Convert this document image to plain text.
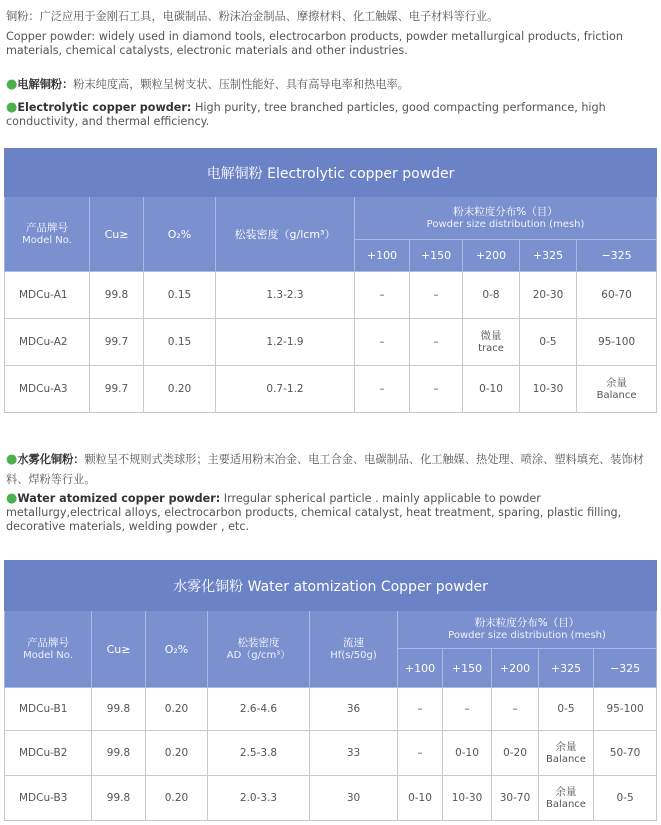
铜粉：广泛应用于金刚石工具，电碳制品、粉沫冶金制品、摩擦材料、化工触媒、电子材料等行业。
Copper powder: widely used in diamond tools, electrocarbon products, powder metallurgical products, friction materials, chemical catalysts, electronic materials and other industries.
●电解铜粉：粉末纯度高，颗粒呈树支状、压制性能好、具有高导电率和热电率。
●Electrolytic copper powder: High purity, tree branched particles, good compacting performance, high conductivity, and thermal efficiency.
电解铜粉 Electrolytic copper powder								

产品牌号
Model No.	Cu≥	O₂%	松装密度（g/lcm³）	粉末粒度分布%（目）
Powder size distribution (mesh)				

				+100	+150	+200	+325	−325
MDCu-A1	99.8	0.15	1.3-2.3	–	–	0-8	20-30	60-70
MDCu-A2	99.7	0.15	1.2-1.9	–	–	微量
trace	0-5	95-100
MDCu-A3	99.7	0.20	0.7-1.2	–	–	0-10	10-30	余量
Balance
●水雾化铜粉：颗粒呈不规则式类球形；主要适用粉末冶金、电工合金、电碳制品、化工触媒、热处理、喷涂、塑料填充、装饰材料、焊粉等行业。
●Water atomized copper powder: Irregular spherical particle . mainly applicable to powder metallurgy,electrical alloys, electrocarbon products, chemical catalyst, heat treatment, sparing, plastic filling, decorative materials, welding powder , etc.
水雾化铜粉 Water atomization Copper powder									

产品牌号
Model No.	Cu≥	O₂%	松装密度
AD（g/cm³）	流速
Hf(s/50g)	粉末粒度分布%（目）
Powder size distribution (mesh)				

					+100	+150	+200	+325	−325
MDCu-B1	99.8	0.20	2.6-4.6	36	–	–	–	0-5	95-100
MDCu-B2	99.8	0.20	2.5-3.8	33	–	0-10	0-20	余量
Balance	50-70
MDCu-B3	99.8	0.20	2.0-3.3	30	0-10	10-30	30-70	余量
Balance	0-5
